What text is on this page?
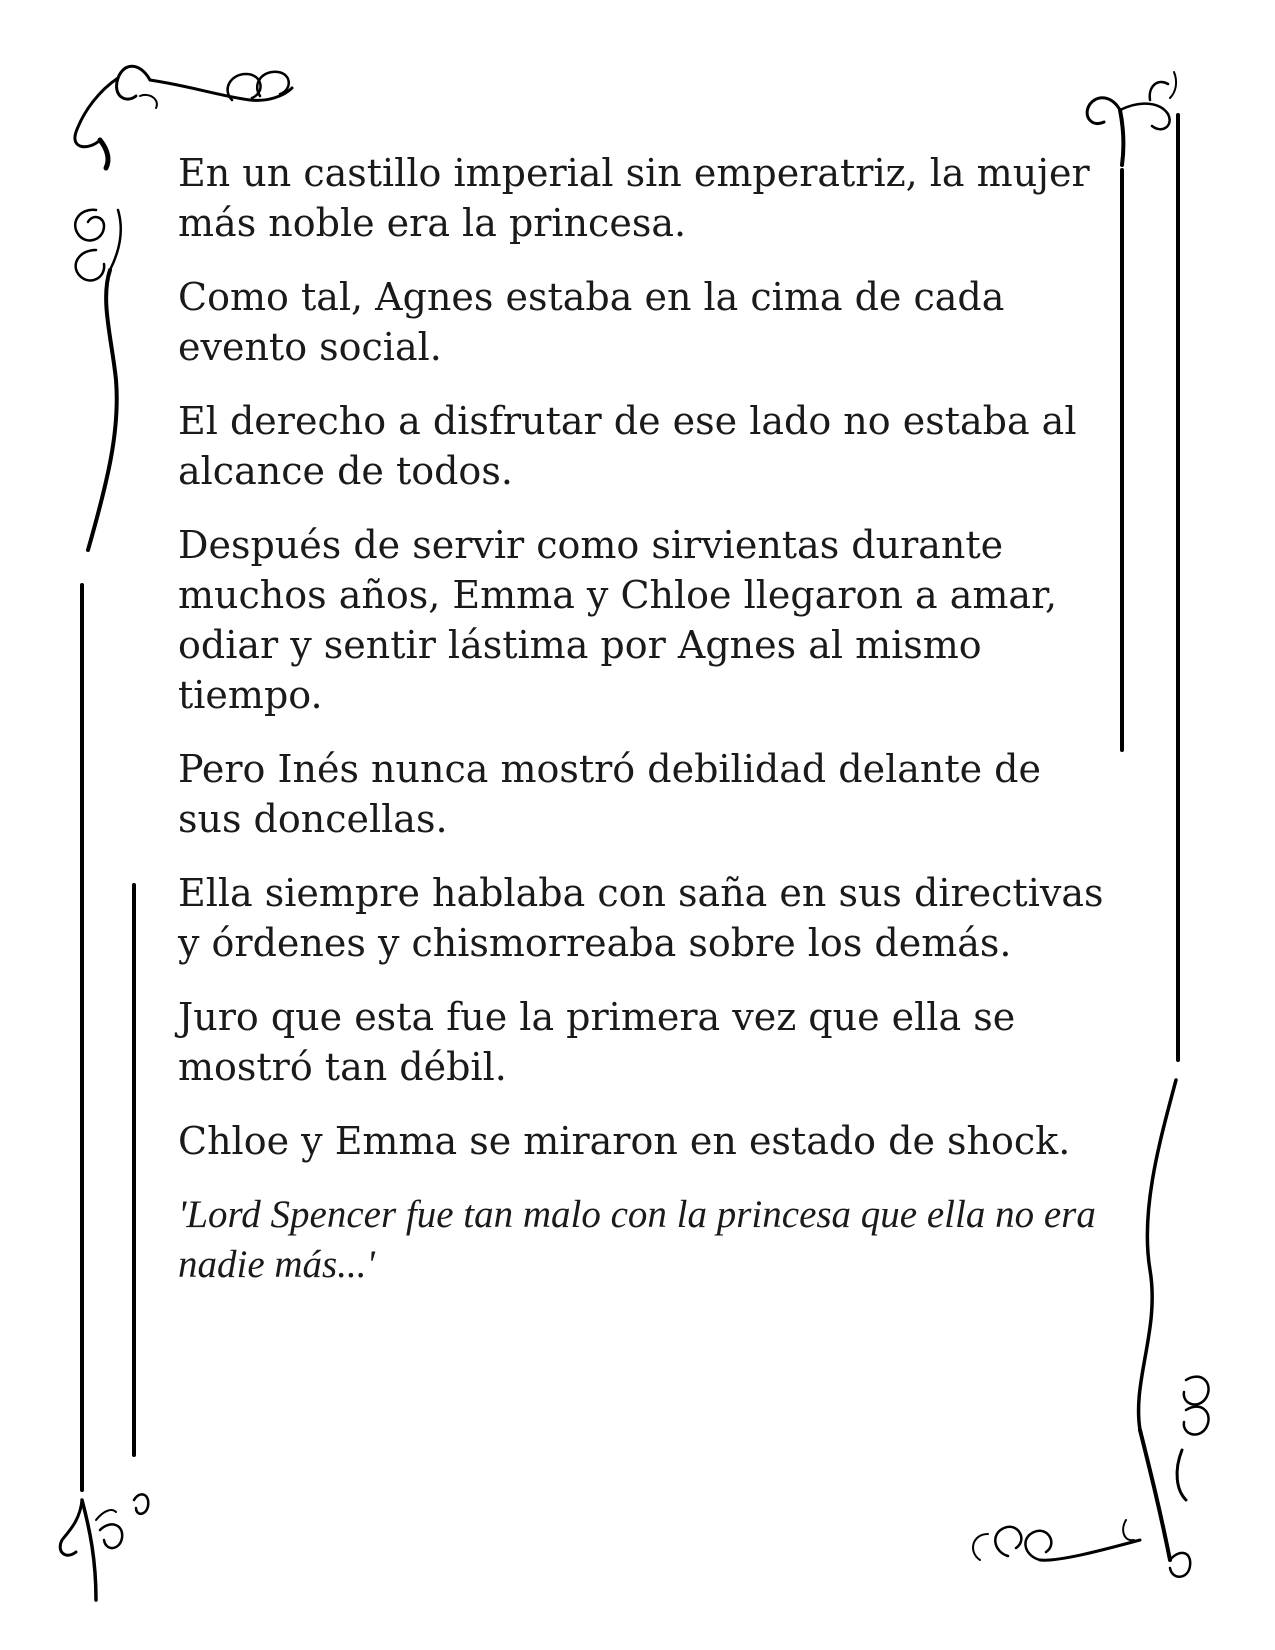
En un castillo imperial sin emperatriz, la mujer más noble era la princesa.

Como tal, Agnes estaba en la cima de cada evento social.

El derecho a disfrutar de ese lado no estaba al alcance de todos.

Después de servir como sirvientas durante muchos años, Emma y Chloe llegaron a amar, odiar y sentir lástima por Agnes al mismo tiempo.

Pero Inés nunca mostró debilidad delante de sus doncellas.

Ella siempre hablaba con saña en sus directivas y órdenes y chismorreaba sobre los demás.

Juro que esta fue la primera vez que ella se mostró tan débil.

Chloe y Emma se miraron en estado de shock.

'Lord Spencer fue tan malo con la princesa que ella no era nadie más...'
